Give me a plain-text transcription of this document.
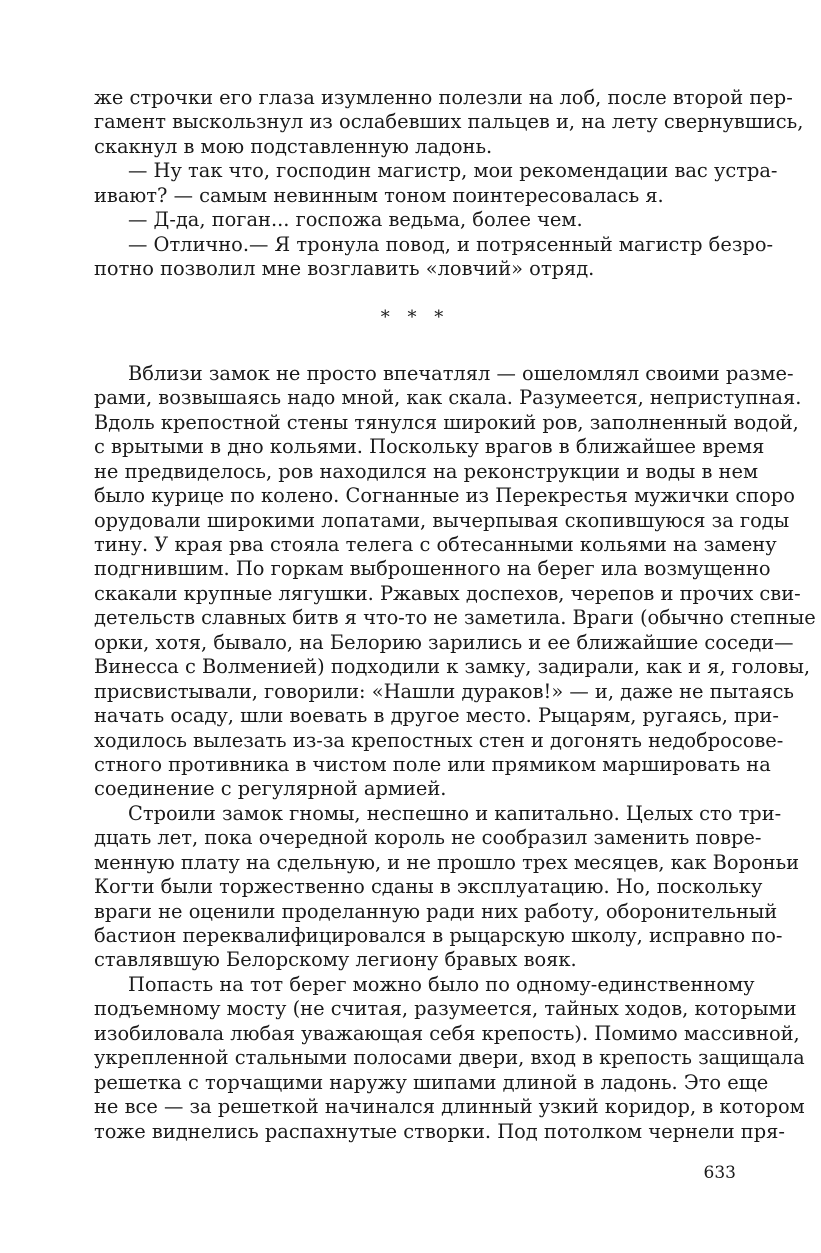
же строчки его глаза изумленно полезли на лоб, после второй пер-
гамент выскользнул из ослабевших пальцев и, на лету свернувшись,
скакнул в мою подставленную ладонь.
— Ну так что, господин магистр, мои рекомендации вас устра-
ивают? — самым невинным тоном поинтересовалась я.
— Д-да, поган... госпожа ведьма, более чем.
— Отлично.— Я тронула повод, и потрясенный магистр безро-
потно позволил мне возглавить «ловчий» отряд.
* * *
Вблизи замок не просто впечатлял — ошеломлял своими разме-
рами, возвышаясь надо мной, как скала. Разумеется, неприступная.
Вдоль крепостной стены тянулся широкий ров, заполненный водой,
с врытыми в дно кольями. Поскольку врагов в ближайшее время
не предвиделось, ров находился на реконструкции и воды в нем
было курице по колено. Согнанные из Перекрестья мужички споро
орудовали широкими лопатами, вычерпывая скопившуюся за годы
тину. У края рва стояла телега с обтесанными кольями на замену
подгнившим. По горкам выброшенного на берег ила возмущенно
скакали крупные лягушки. Ржавых доспехов, черепов и прочих сви-
детельств славных битв я что-то не заметила. Враги (обычно степные
орки, хотя, бывало, на Белорию зарились и ее ближайшие соседи—
Винесса с Волменией) подходили к замку, задирали, как и я, головы,
присвистывали, говорили: «Нашли дураков!» — и, даже не пытаясь
начать осаду, шли воевать в другое место. Рыцарям, ругаясь, при-
ходилось вылезать из-за крепостных стен и догонять недобросове-
стного противника в чистом поле или прямиком маршировать на
соединение с регулярной армией.
Строили замок гномы, неспешно и капитально. Целых сто три-
дцать лет, пока очередной король не сообразил заменить повре-
менную плату на сдельную, и не прошло трех месяцев, как Вороньи
Когти были торжественно сданы в эксплуатацию. Но, поскольку
враги не оценили проделанную ради них работу, оборонительный
бастион переквалифицировался в рыцарскую школу, исправно по-
ставлявшую Белорскому легиону бравых вояк.
Попасть на тот берег можно было по одному-единственному
подъемному мосту (не считая, разумеется, тайных ходов, которыми
изобиловала любая уважающая себя крепость). Помимо массивной,
укрепленной стальными полосами двери, вход в крепость защищала
решетка с торчащими наружу шипами длиной в ладонь. Это еще
не все — за решеткой начинался длинный узкий коридор, в котором
тоже виднелись распахнутые створки. Под потолком чернели пря-
633
